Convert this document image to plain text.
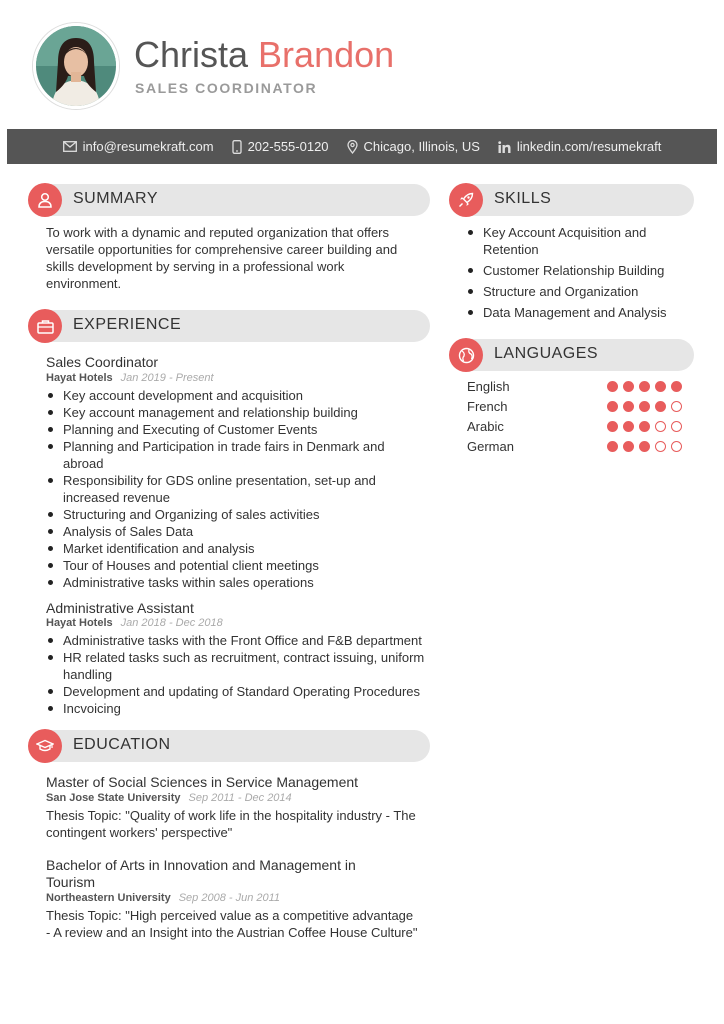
Christa Brandon
SALES COORDINATOR
info@resumekraft.com	202-555-0120	Chicago, Illinois, US	linkedin.com/resumekraft
SUMMARY
To work with a dynamic and reputed organization that offers versatile opportunities for comprehensive career building and skills development by serving in a professional work environment.
EXPERIENCE
Sales Coordinator
Hayat Hotels Jan 2019 - Present
Key account development and acquisition
Key account management and relationship building
Planning and Executing of Customer Events
Planning and Participation in trade fairs in Denmark and abroad
Responsibility for GDS online presentation, set-up and increased revenue
Structuring and Organizing of sales activities
Analysis of Sales Data
Market identification and analysis
Tour of Houses and potential client meetings
Administrative tasks within sales operations
Administrative Assistant
Hayat Hotels Jan 2018 - Dec 2018
Administrative tasks with the Front Office and F&B department
HR related tasks such as recruitment, contract issuing, uniform handling
Development and updating of Standard Operating Procedures
Incvoicing
EDUCATION
Master of Social Sciences in Service Management
San Jose State University Sep 2011 - Dec 2014
Thesis Topic: "Quality of work life in the hospitality industry - The contingent workers' perspective"
Bachelor of Arts in Innovation and Management in Tourism
Northeastern University Sep 2008 - Jun 2011
Thesis Topic: "High perceived value as a competitive advantage - A review and an Insight into the Austrian Coffee House Culture"
SKILLS
Key Account Acquisition and Retention
Customer Relationship Building
Structure and Organization
Data Management and Analysis
LANGUAGES
English
French
Arabic
German
